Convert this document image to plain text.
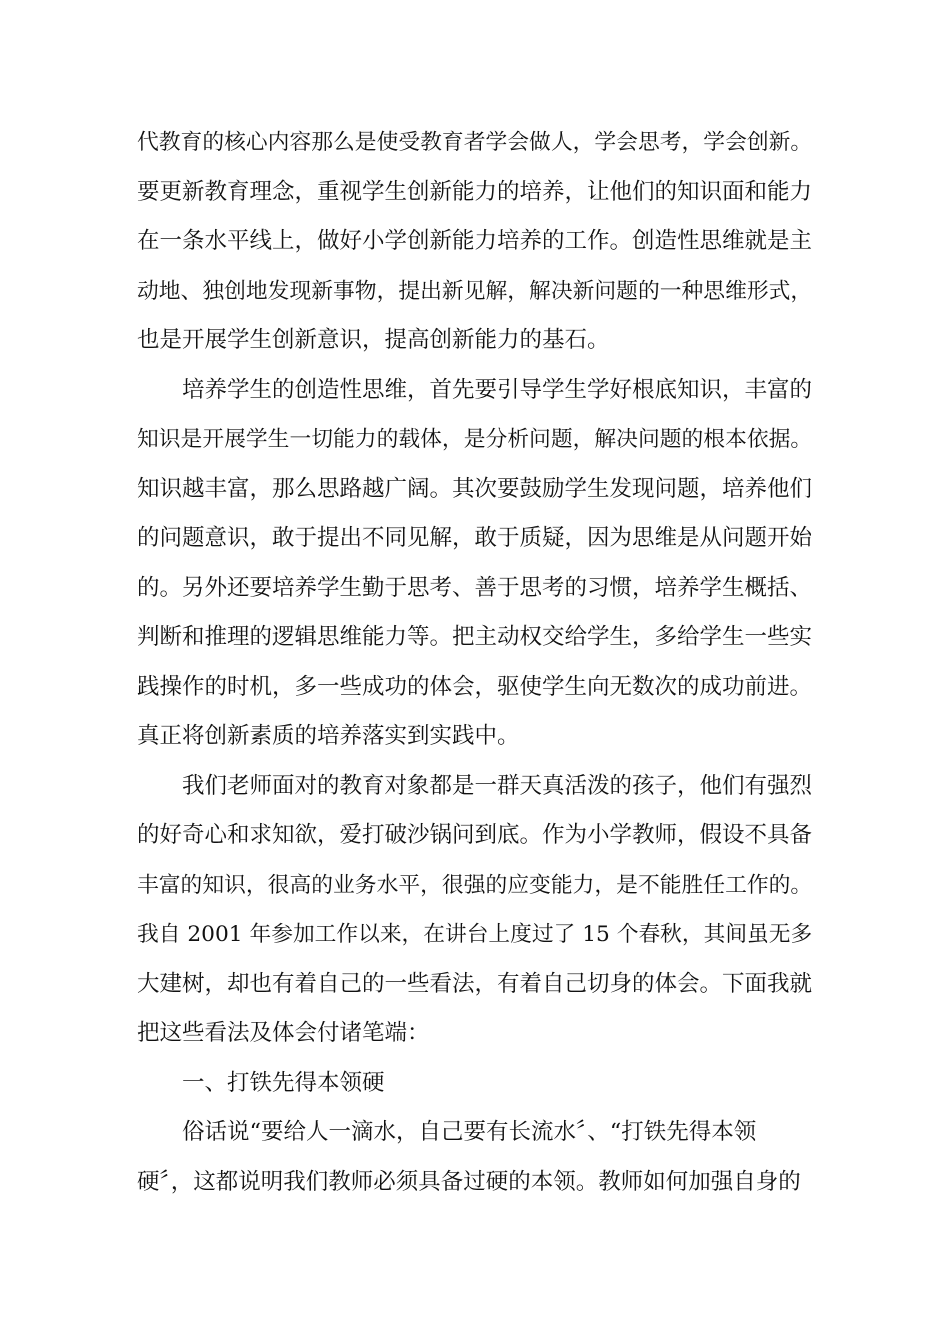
代教育的核心内容那么是使受教育者学会做人，学会思考，学会创新。
要更新教育理念，重视学生创新能力的培养，让他们的知识面和能力
在一条水平线上，做好小学创新能力培养的工作。创造性思维就是主
动地、独创地发现新事物，提出新见解，解决新问题的一种思维形式，
也是开展学生创新意识，提高创新能力的基石。
培养学生的创造性思维，首先要引导学生学好根底知识，丰富的
知识是开展学生一切能力的载体，是分析问题，解决问题的根本依据。
知识越丰富，那么思路越广阔。其次要鼓励学生发现问题，培养他们
的问题意识，敢于提出不同见解，敢于质疑，因为思维是从问题开始
的。另外还要培养学生勤于思考、善于思考的习惯，培养学生概括、
判断和推理的逻辑思维能力等。把主动权交给学生，多给学生一些实
践操作的时机，多一些成功的体会，驱使学生向无数次的成功前进。
真正将创新素质的培养落实到实践中。
我们老师面对的教育对象都是一群天真活泼的孩子，他们有强烈
的好奇心和求知欲，爱打破沙锅问到底。作为小学教师，假设不具备
丰富的知识，很高的业务水平，很强的应变能力，是不能胜任工作的。
我自 2001 年参加工作以来，在讲台上度过了 15 个春秋，其间虽无多
大建树，却也有着自己的一些看法，有着自己切身的体会。下面我就
把这些看法及体会付诸笔端：
一、打铁先得本领硬
俗话说“要给人一滴水，自己要有长流水〞、“打铁先得本领
硬〞，这都说明我们教师必须具备过硬的本领。教师如何加强自身的
